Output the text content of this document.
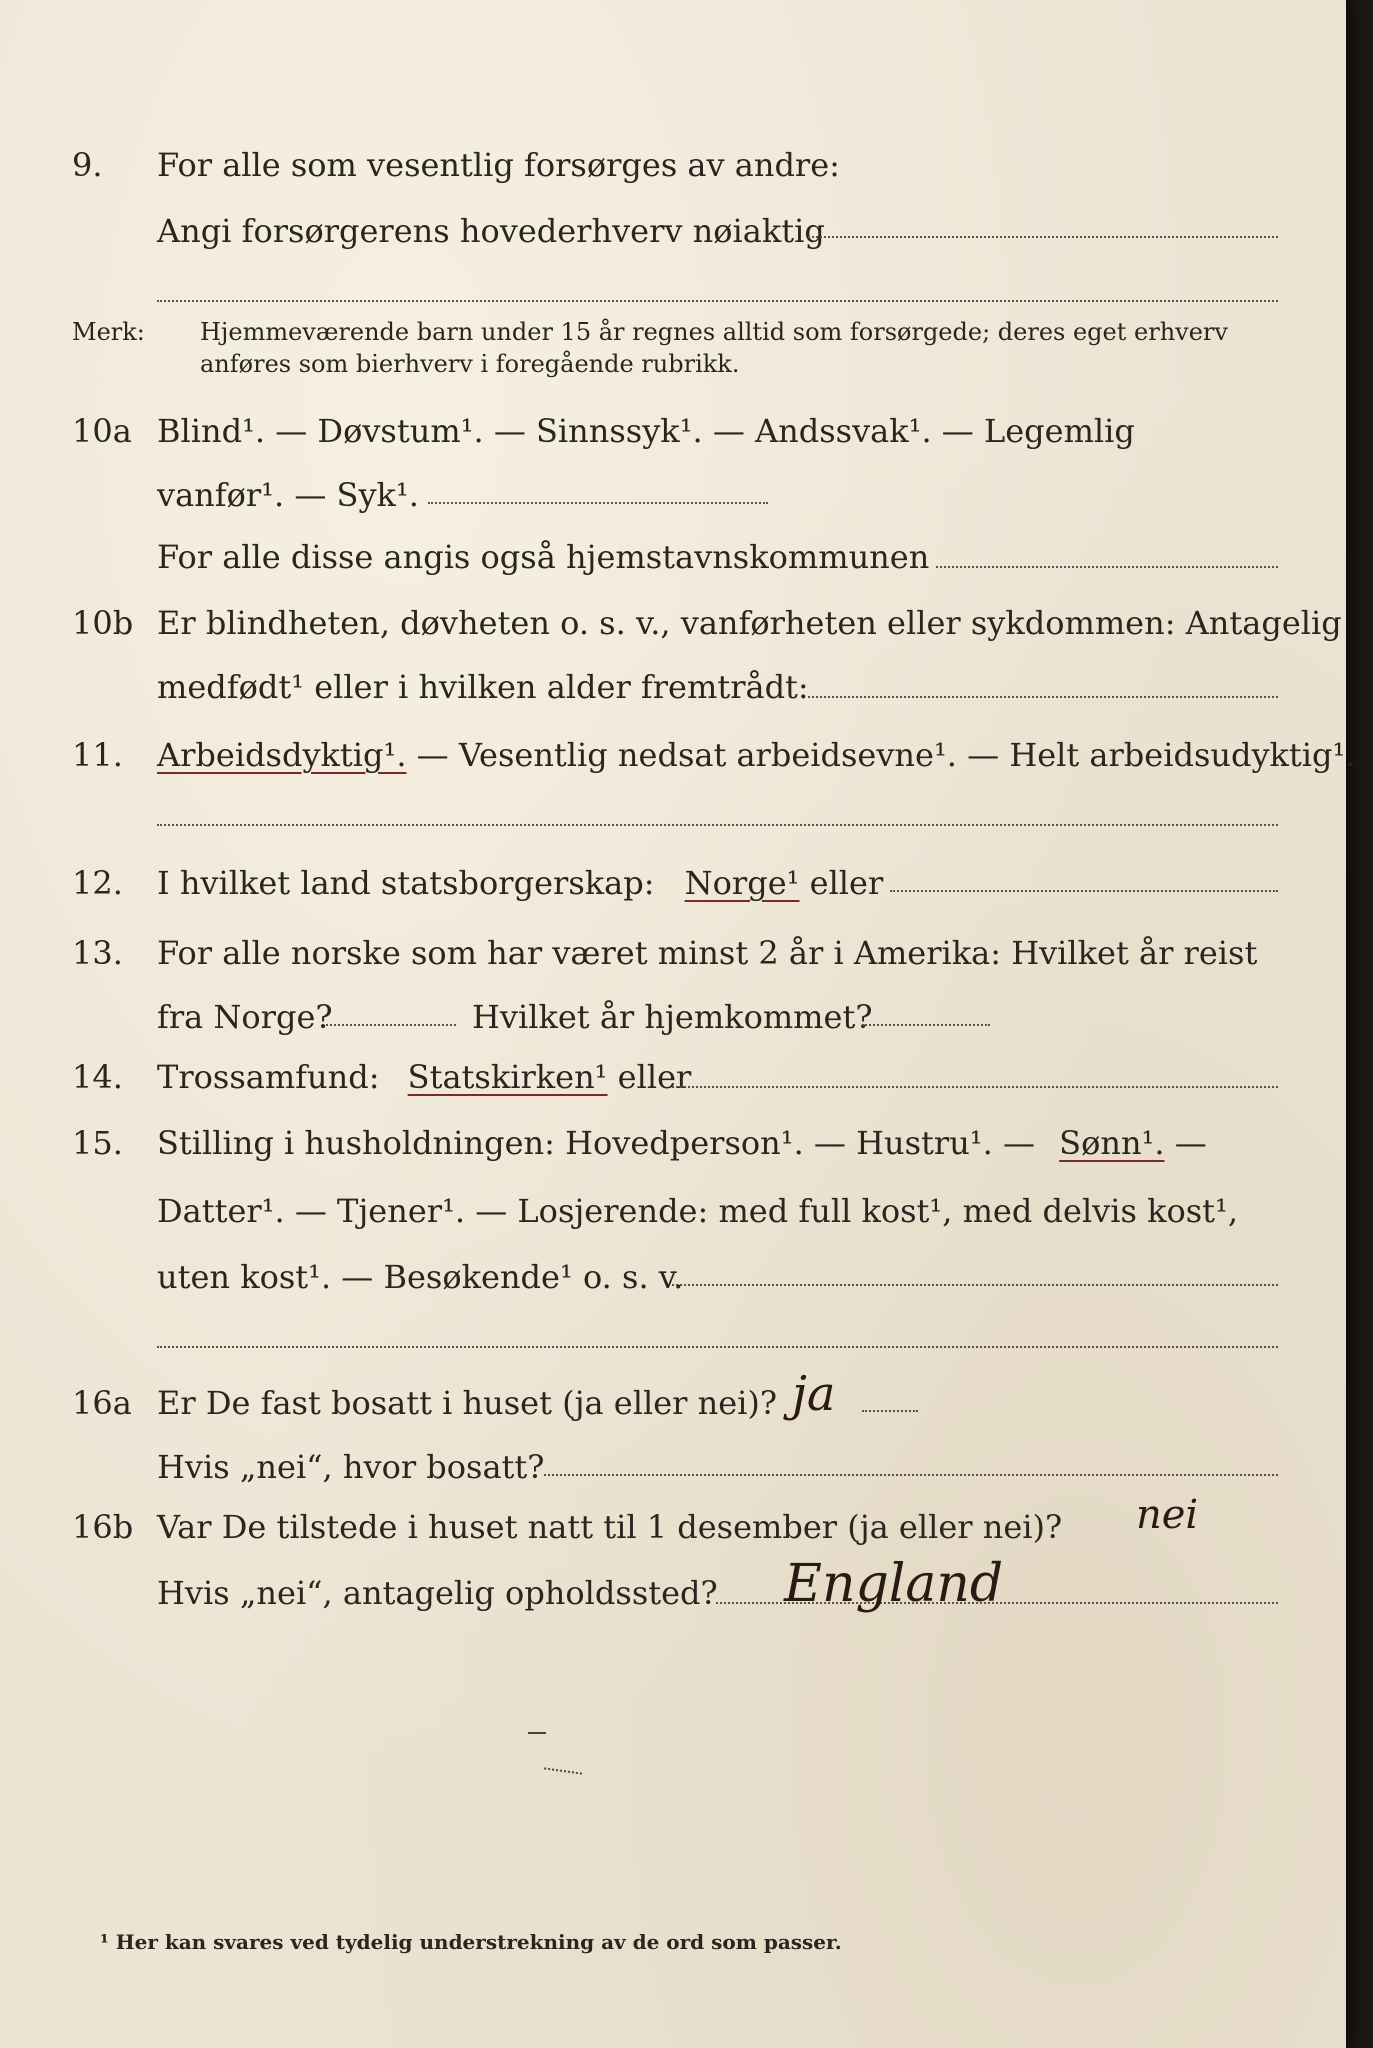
9. For alle som vesentlig forsørges av andre:
Angi forsørgerens hovederhverv nøiaktig
Merk: Hjemmeværende barn under 15 år regnes alltid som forsørgede; deres eget erhverv
anføres som bierhverv i foregående rubrikk.
10a Blind¹. — Døvstum¹. — Sinnssyk¹. — Andssvak¹. — Legemlig
vanfør¹. — Syk¹.
For alle disse angis også hjemstavnskommunen
10b Er blindheten, døvheten o. s. v., vanførheten eller sykdommen: Antagelig
medfødt¹ eller i hvilken alder fremtrådt:
11. Arbeidsdyktig¹. — Vesentlig nedsat arbeidsevne¹. — Helt arbeidsudyktig¹.
12. I hvilket land statsborgerskap: Norge¹ eller
13. For alle norske som har været minst 2 år i Amerika: Hvilket år reist
fra Norge?	Hvilket år hjemkommet?
14. Trossamfund: Statskirken¹ eller
15. Stilling i husholdningen: Hovedperson¹. — Hustru¹. — Sønn¹. —
Datter¹. — Tjener¹. — Losjerende: med full kost¹, med delvis kost¹,
uten kost¹. — Besøkende¹ o. s. v.
16a Er De fast bosatt i huset (ja eller nei)? ja
Hvis „nei“, hvor bosatt?
16b Var De tilstede i huset natt til 1 desember (ja eller nei)? nei
Hvis „nei“, antagelig opholdssted? England
¹ Her kan svares ved tydelig understrekning av de ord som passer.
